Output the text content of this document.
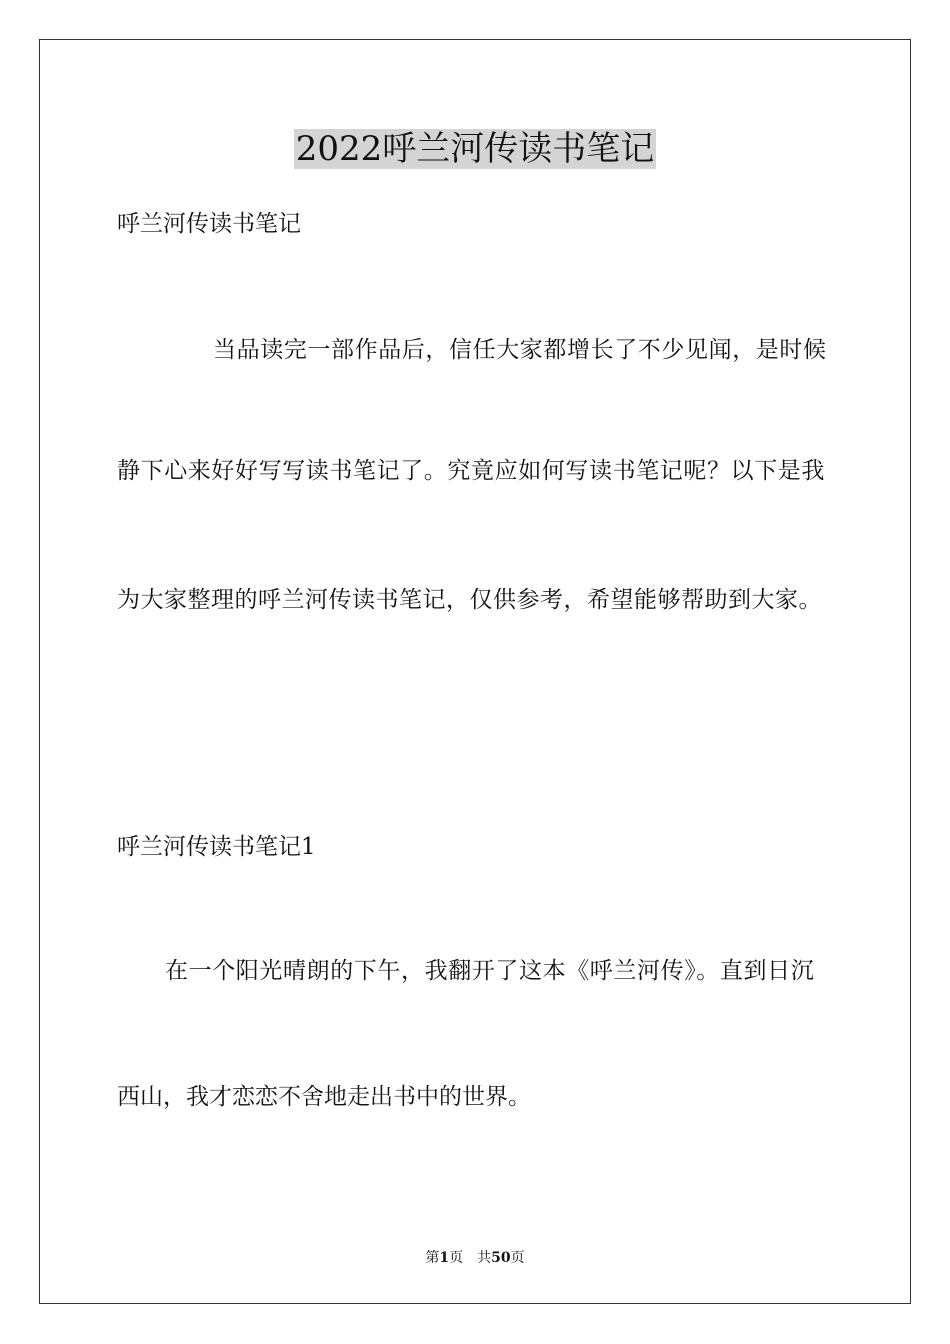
2022呼兰河传读书笔记
呼兰河传读书笔记
当品读完一部作品后，信任大家都增长了不少见闻，是时候
静下心来好好写写读书笔记了。究竟应如何写读书笔记呢？以下是我
为大家整理的呼兰河传读书笔记，仅供参考，希望能够帮助到大家。
呼兰河传读书笔记1
在一个阳光晴朗的下午，我翻开了这本《呼兰河传》。直到日沉
西山，我才恋恋不舍地走出书中的世界。
第1页 共50页
